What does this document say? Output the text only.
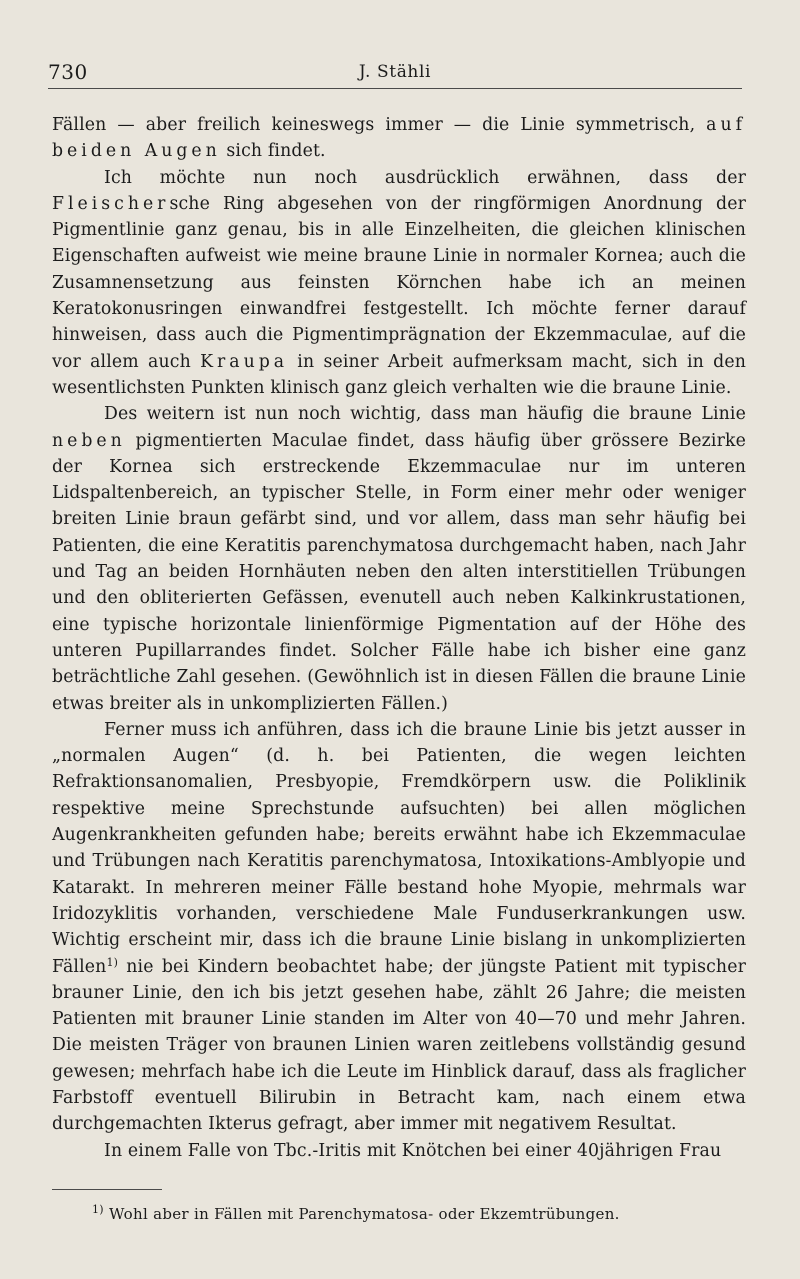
730	J. Stähli

Fällen — aber freilich keineswegs immer — die Linie symmetrisch, auf beiden Augen sich findet.

Ich möchte nun noch ausdrücklich erwähnen, dass der Fleischersche Ring abgesehen von der ringförmigen Anordnung der Pigmentlinie ganz genau, bis in alle Einzelheiten, die gleichen klinischen Eigenschaften aufweist wie meine braune Linie in normaler Kornea; auch die Zusamnensetzung aus feinsten Körnchen habe ich an meinen Keratokonusringen einwandfrei festgestellt. Ich möchte ferner darauf hinweisen, dass auch die Pigmentimprägnation der Ekzemmaculae, auf die vor allem auch Kraupa in seiner Arbeit aufmerksam macht, sich in den wesentlichsten Punkten klinisch ganz gleich verhalten wie die braune Linie.

Des weitern ist nun noch wichtig, dass man häufig die braune Linie neben pigmentierten Maculae findet, dass häufig über grössere Bezirke der Kornea sich erstreckende Ekzemmaculae nur im unteren Lidspaltenbereich, an typischer Stelle, in Form einer mehr oder weniger breiten Linie braun gefärbt sind, und vor allem, dass man sehr häufig bei Patienten, die eine Keratitis parenchymatosa durchgemacht haben, nach Jahr und Tag an beiden Hornhäuten neben den alten interstitiellen Trübungen und den obliterierten Gefässen, evenutell auch neben Kalkinkrustationen, eine typische horizontale linienförmige Pigmentation auf der Höhe des unteren Pupillarrandes findet. Solcher Fälle habe ich bisher eine ganz beträchtliche Zahl gesehen. (Gewöhnlich ist in diesen Fällen die braune Linie etwas breiter als in unkomplizierten Fällen.)

Ferner muss ich anführen, dass ich die braune Linie bis jetzt ausser in „normalen Augen“ (d. h. bei Patienten, die wegen leichten Refraktionsanomalien, Presbyopie, Fremdkörpern usw. die Poliklinik respektive meine Sprechstunde aufsuchten) bei allen möglichen Augenkrankheiten gefunden habe; bereits erwähnt habe ich Ekzemmaculae und Trübungen nach Keratitis parenchymatosa, Intoxikations-Amblyopie und Katarakt. In mehreren meiner Fälle bestand hohe Myopie, mehrmals war Iridozyklitis vorhanden, verschiedene Male Funduserkrankungen usw. Wichtig erscheint mir, dass ich die braune Linie bislang in unkomplizierten Fällen$^{1)}$ nie bei Kindern beobachtet habe; der jüngste Patient mit typischer brauner Linie, den ich bis jetzt gesehen habe, zählt 26 Jahre; die meisten Patienten mit brauner Linie standen im Alter von 40—70 und mehr Jahren. Die meisten Träger von braunen Linien waren zeitlebens vollständig gesund gewesen; mehrfach habe ich die Leute im Hinblick darauf, dass als fraglicher Farbstoff eventuell Bilirubin in Betracht kam, nach einem etwa durchgemachten Ikterus gefragt, aber immer mit negativem Resultat.

In einem Falle von Tbc.-Iritis mit Knötchen bei einer 40jährigen Frau

$^{1)}$ Wohl aber in Fällen mit Parenchymatosa- oder Ekzemtrübungen.
